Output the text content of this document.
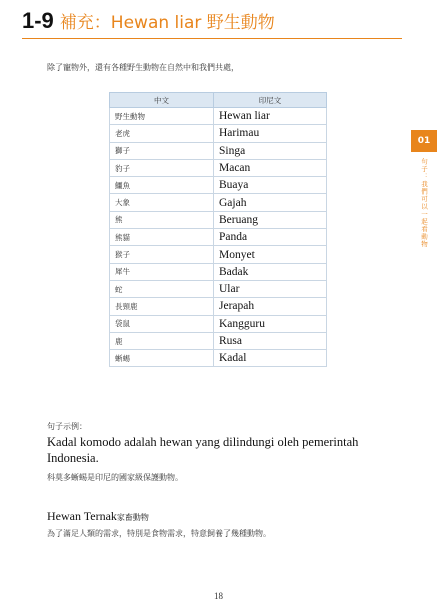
1-9 補充：Hewan liar 野生動物
除了寵物外，還有各種野生動物在自然中和我們共處，
中文	印尼文
野生動物	Hewan liar
老虎	Harimau
獅子	Singa
豹子	Macan
鱷魚	Buaya
大象	Gajah
熊	Beruang
熊貓	Panda
猴子	Monyet
犀牛	Badak
蛇	Ular
長頸鹿	Jerapah
袋鼠	Kangguru
鹿	Rusa
蜥蜴	Kadal
01
句子：我們可以一起看動物
句子示例：
Kadal komodo adalah hewan yang dilindungi oleh pemerintah Indonesia.
科莫多蜥蜴是印尼的國家級保護動物。
Hewan Ternak家畜動物
為了滿足人類的需求，特別是食物需求，特意飼養了幾種動物。
18
